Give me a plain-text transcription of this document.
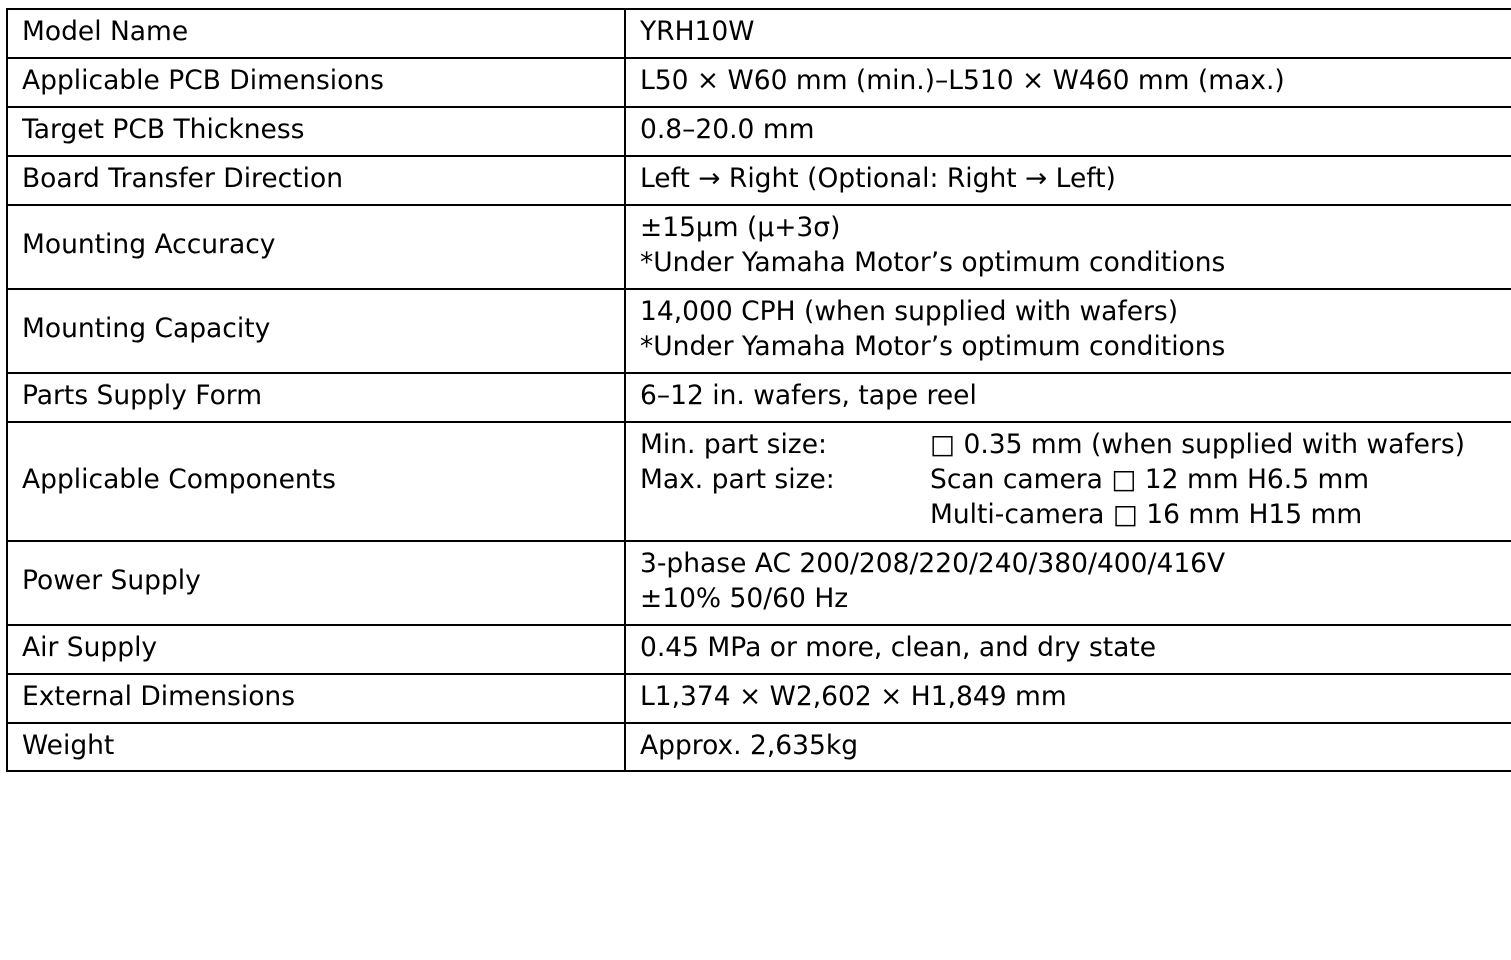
Model Name	YRH10W

Applicable PCB Dimensions	L50 × W60 mm (min.)–L510 × W460 mm (max.)

Target PCB Thickness	0.8–20.0 mm

Board Transfer Direction	Left → Right (Optional: Right → Left)

Mounting Accuracy	±15μm (μ+3σ)
*Under Yamaha Motor’s optimum conditions

Mounting Capacity	14,000 CPH (when supplied with wafers)
*Under Yamaha Motor’s optimum conditions

Parts Supply Form	6–12 in. wafers, tape reel

Applicable Components	Min. part size: □ 0.35 mm (when supplied with wafers)
Max. part size: Scan camera □ 12 mm H6.5 mm
Multi-camera □ 16 mm H15 mm

Power Supply	3-phase AC 200/208/220/240/380/400/416V
±10% 50/60 Hz

Air Supply	0.45 MPa or more, clean, and dry state

External Dimensions	L1,374 × W2,602 × H1,849 mm

Weight	Approx. 2,635kg
